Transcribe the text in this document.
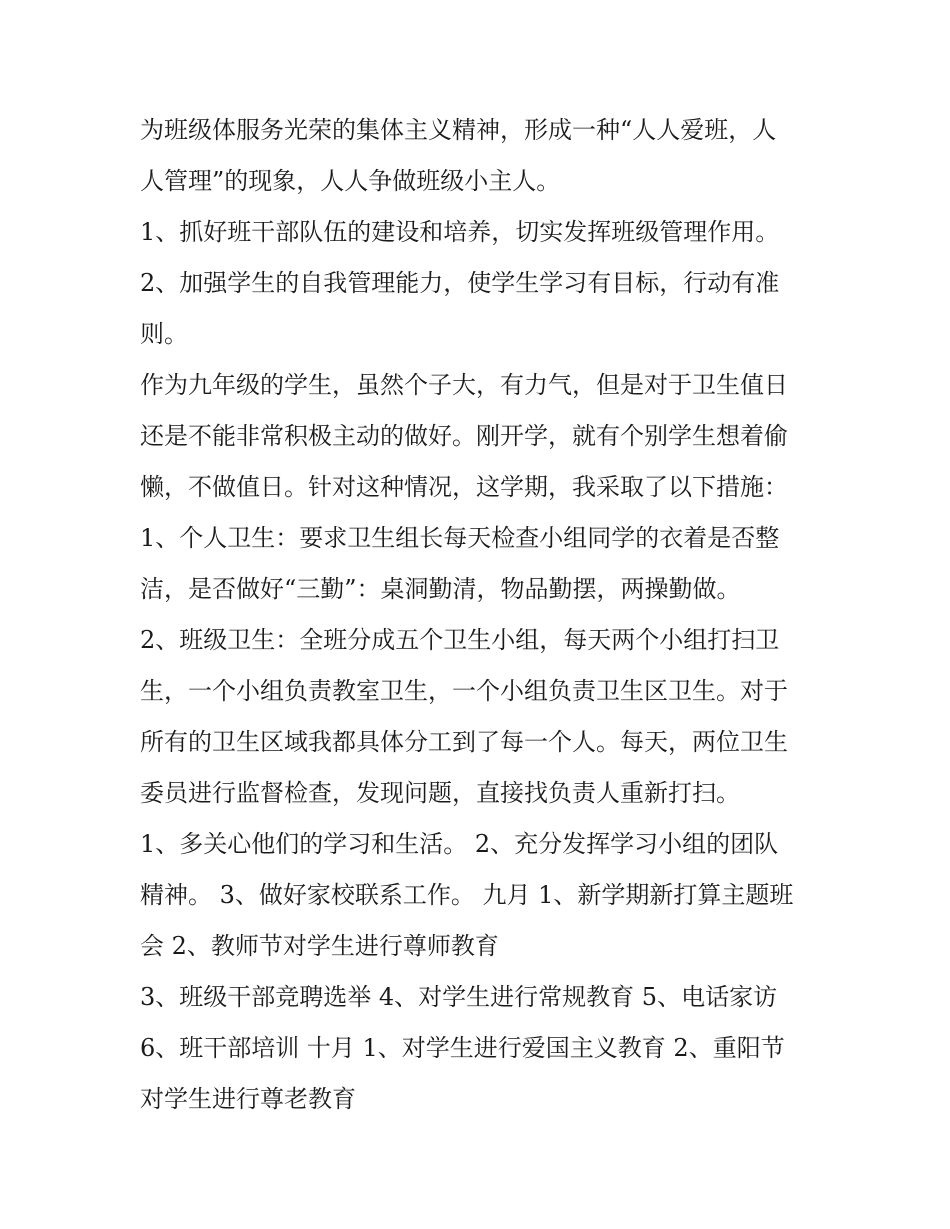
为班级体服务光荣的集体主义精神，形成一种“人人爱班，人
人管理”的现象，人人争做班级小主人。
1、抓好班干部队伍的建设和培养，切实发挥班级管理作用。
2、加强学生的自我管理能力，使学生学习有目标，行动有准
则。
作为九年级的学生，虽然个子大，有力气，但是对于卫生值日
还是不能非常积极主动的做好。刚开学，就有个别学生想着偷
懒，不做值日。针对这种情况，这学期，我采取了以下措施：
1、个人卫生：要求卫生组长每天检查小组同学的衣着是否整
洁，是否做好“三勤”：桌洞勤清，物品勤摆，两操勤做。
2、班级卫生：全班分成五个卫生小组，每天两个小组打扫卫
生，一个小组负责教室卫生，一个小组负责卫生区卫生。对于
所有的卫生区域我都具体分工到了每一个人。每天，两位卫生
委员进行监督检查，发现问题，直接找负责人重新打扫。
1、多关心他们的学习和生活。 2、充分发挥学习小组的团队
精神。 3、做好家校联系工作。 九月 1、新学期新打算主题班
会 2、教师节对学生进行尊师教育
3、班级干部竞聘选举 4、对学生进行常规教育 5、电话家访
6、班干部培训 十月 1、对学生进行爱国主义教育 2、重阳节
对学生进行尊老教育
